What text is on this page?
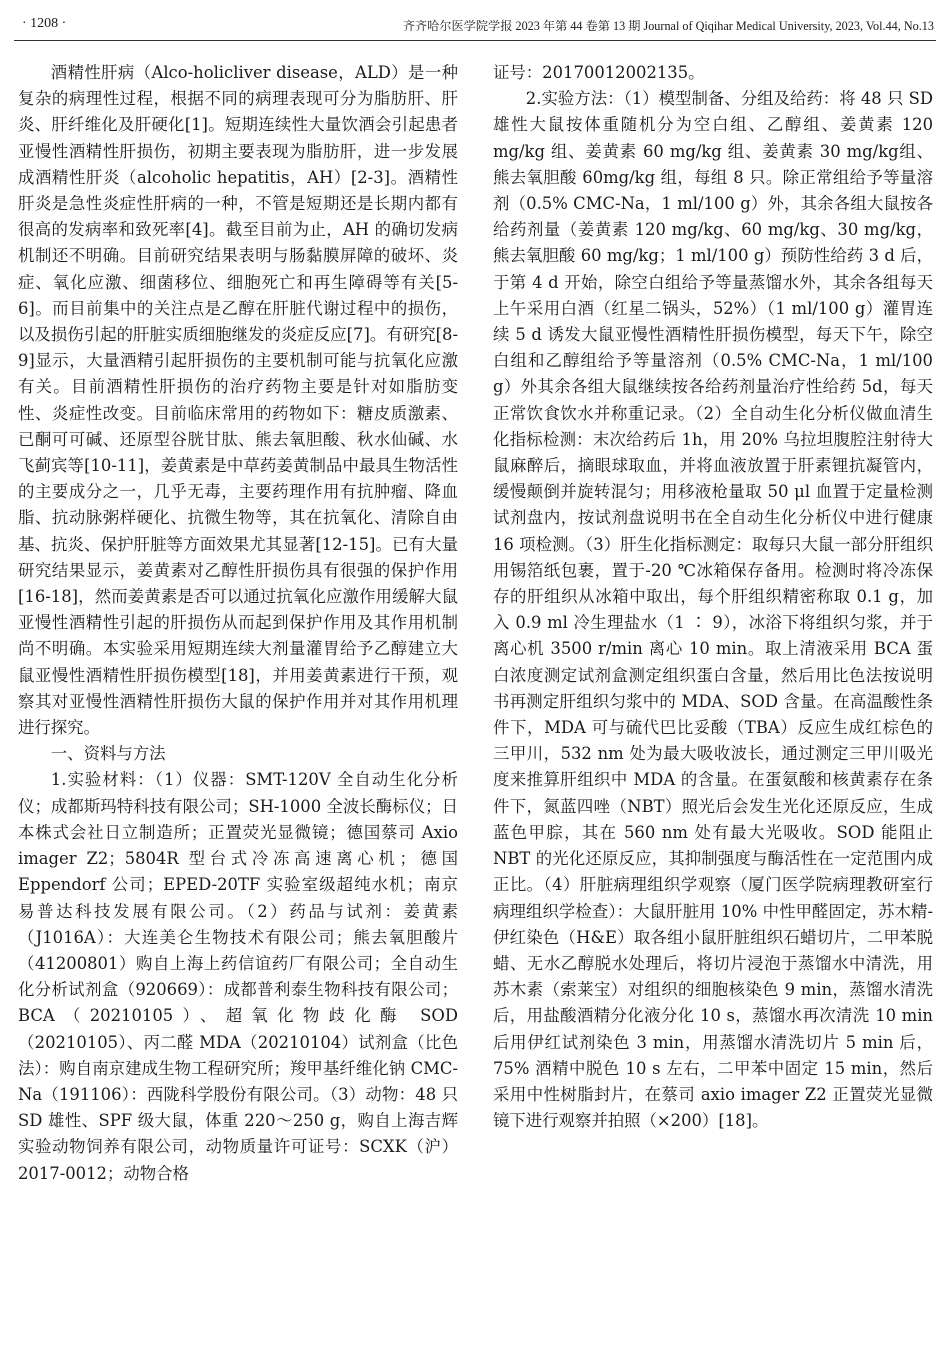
· 1208 ·	齐齐哈尔医学院学报 2023 年第 44 卷第 13 期 Journal of Qiqihar Medical University, 2023, Vol.44, No.13

酒精性肝病（Alco-holicliver disease，ALD）是一种复杂的病理性过程，根据不同的病理表现可分为脂肪肝、肝炎、肝纤维化及肝硬化[1]。短期连续性大量饮酒会引起患者亚慢性酒精性肝损伤，初期主要表现为脂肪肝，进一步发展成酒精性肝炎（alcoholic hepatitis，AH）[2-3]。酒精性肝炎是急性炎症性肝病的一种，不管是短期还是长期内都有很高的发病率和致死率[4]。截至目前为止，AH 的确切发病机制还不明确。目前研究结果表明与肠黏膜屏障的破坏、炎症、氧化应激、细菌移位、细胞死亡和再生障碍等有关[5-6]。而目前集中的关注点是乙醇在肝脏代谢过程中的损伤，以及损伤引起的肝脏实质细胞继发的炎症反应[7]。有研究[8-9]显示，大量酒精引起肝损伤的主要机制可能与抗氧化应激有关。目前酒精性肝损伤的治疗药物主要是针对如脂肪变性、炎症性改变。目前临床常用的药物如下：糖皮质激素、已酮可可碱、还原型谷胱甘肽、熊去氧胆酸、秋水仙碱、水飞蓟宾等[10-11]，姜黄素是中草药姜黄制品中最具生物活性的主要成分之一，几乎无毒，主要药理作用有抗肿瘤、降血脂、抗动脉粥样硬化、抗微生物等，其在抗氧化、清除自由基、抗炎、保护肝脏等方面效果尤其显著[12-15]。已有大量研究结果显示，姜黄素对乙醇性肝损伤具有很强的保护作用[16-18]，然而姜黄素是否可以通过抗氧化应激作用缓解大鼠亚慢性酒精性引起的肝损伤从而起到保护作用及其作用机制尚不明确。本实验采用短期连续大剂量灌胃给予乙醇建立大鼠亚慢性酒精性肝损伤模型[18]，并用姜黄素进行干预，观察其对亚慢性酒精性肝损伤大鼠的保护作用并对其作用机理进行探究。

一、资料与方法

1.实验材料：（1）仪器：SMT-120V 全自动生化分析仪；成都斯玛特科技有限公司；SH-1000 全波长酶标仪；日本株式会社日立制造所；正置荧光显微镜；德国蔡司 Axio imager Z2；5804R 型台式冷冻高速离心机；德国 Eppendorf 公司；EPED-20TF 实验室级超纯水机；南京易普达科技发展有限公司。（2）药品与试剂：姜黄素（J1016A）：大连美仑生物技术有限公司；熊去氧胆酸片（41200801）购自上海上药信谊药厂有限公司；全自动生化分析试剂盒（920669）：成都普利泰生物科技有限公司；BCA（20210105）、超氧化物歧化酶 SOD（20210105）、丙二醛 MDA（20210104）试剂盒（比色法）：购自南京建成生物工程研究所；羧甲基纤维化钠 CMC-Na（191106）：西陇科学股份有限公司。（3）动物：48 只 SD 雄性、SPF 级大鼠，体重 220～250 g，购自上海吉辉实验动物饲养有限公司，动物质量许可证号：SCXK（沪）2017-0012；动物合格

证号：20170012002135。

2.实验方法：（1）模型制备、分组及给药：将 48 只 SD 雄性大鼠按体重随机分为空白组、乙醇组、姜黄素 120 mg/kg 组、姜黄素 60 mg/kg 组、姜黄素 30 mg/kg组、熊去氧胆酸 60mg/kg 组，每组 8 只。除正常组给予等量溶剂（0.5% CMC-Na，1 ml/100 g）外，其余各组大鼠按各给药剂量（姜黄素 120 mg/kg、60 mg/kg、30 mg/kg，熊去氧胆酸 60 mg/kg；1 ml/100 g）预防性给药 3 d 后，于第 4 d 开始，除空白组给予等量蒸馏水外，其余各组每天上午采用白酒（红星二锅头，52%）（1 ml/100 g）灌胃连续 5 d 诱发大鼠亚慢性酒精性肝损伤模型，每天下午，除空白组和乙醇组给予等量溶剂（0.5% CMC-Na，1 ml/100 g）外其余各组大鼠继续按各给药剂量治疗性给药 5d，每天正常饮食饮水并称重记录。（2）全自动生化分析仪做血清生化指标检测：末次给药后 1h，用 20% 乌拉坦腹腔注射待大鼠麻醉后，摘眼球取血，并将血液放置于肝素锂抗凝管内，缓慢颠倒并旋转混匀；用移液枪量取 50 μl 血置于定量检测试剂盘内，按试剂盘说明书在全自动生化分析仪中进行健康 16 项检测。（3）肝生化指标测定：取每只大鼠一部分肝组织用锡箔纸包裹，置于-20 ℃冰箱保存备用。检测时将冷冻保存的肝组织从冰箱中取出，每个肝组织精密称取 0.1 g，加入 0.9 ml 冷生理盐水（1 ∶ 9），冰浴下将组织匀浆，并于离心机 3500 r/min 离心 10 min。取上清液采用 BCA 蛋白浓度测定试剂盒测定组织蛋白含量，然后用比色法按说明书再测定肝组织匀浆中的 MDA、SOD 含量。在高温酸性条件下，MDA 可与硫代巴比妥酸（TBA）反应生成红棕色的三甲川，532 nm 处为最大吸收波长，通过测定三甲川吸光度来推算肝组织中 MDA 的含量。在蛋氨酸和核黄素存在条件下，氮蓝四唑（NBT）照光后会发生光化还原反应，生成蓝色甲腙，其在 560 nm 处有最大光吸收。SOD 能阻止 NBT 的光化还原反应，其抑制强度与酶活性在一定范围内成正比。（4）肝脏病理组织学观察（厦门医学院病理教研室行病理组织学检查）：大鼠肝脏用 10% 中性甲醛固定，苏木精-伊红染色（H&E）取各组小鼠肝脏组织石蜡切片，二甲苯脱蜡、无水乙醇脱水处理后，将切片浸泡于蒸馏水中清洗，用苏木素（索莱宝）对组织的细胞核染色 9 min，蒸馏水清洗后，用盐酸酒精分化液分化 10 s，蒸馏水再次清洗 10 min 后用伊红试剂染色 3 min，用蒸馏水清洗切片 5 min 后，75% 酒精中脱色 10 s 左右，二甲苯中固定 15 min，然后采用中性树脂封片，在蔡司 axio imager Z2 正置荧光显微镜下进行观察并拍照（×200）[18]。
